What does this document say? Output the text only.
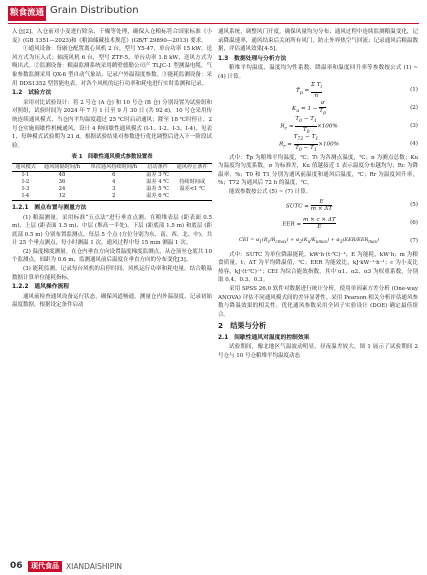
粮食流通 Grain Distribution

入仓[2]。入仓前对小麦进行除杂、干燥等处理，确保入仓粮标符合国家标准《小麦》(GB 1351—2023)和《粮油储藏技术规范》(GB/T 29890—2013) 要求。

①通风设备：每廒仓配置离心风机 2 台，型号 Y5-47，单台功率 15 kW，送风方式为压入式；轴流风机 6 台，型号 ZTF-5，单台功率 1.8 kW，送风方式为吸出式。②监测设备：粮温监测系统采用鹤壁德勤公司产 TLJC-1 型测温电缆，气象参数监测采用 QX-6 型自动气象站，记录户外温湿度参数。③能耗监测设备：采用 DDS1352 型智能电表，对各个风机的运行功率和耗电进行实时监测和记录。

1.2　试验方法

采用对比试验设计：将 2 号仓 (A 仓) 和 10 号仓 (B 仓) 分别设置为试验组和对照组，试验时间为 2024 年 7 月 1 日至 9 月 30 日 (共 92 d)，10 号仓采用传统连续通风模式，当仓内平均温度超过 25 ℃时启动通风；降至 18 ℃时停止。2 号仓实施间歇性机械通风，设计 4 种间歇性通风模式 (I-1、I-2、I-3、I-4)，见表 1，每种模式试验期为 21 d。根据试验结果对参数进行优化调整后进入下一阶段试验。

表 1　间歇性通风模式参数设置表
通风模式	通风间隔时间/h	单次通风持续时间/h	启动条件	通风停止条件

I-1	48	6	温差 3 ℃	
I-2	36	4	温差 4 ℃	持续时间或
I-3	24	3	温差 5 ℃	温差<1 ℃
I-4	12	2	温差 6 ℃	
1.2.1　测点布置与测量方法

(1) 粮温测量。采用标准“五点法”进行垂直点测，在粮堆表层 (距表面 0.5 m)、上层 (距表面 1.5 m)、中层 (堆高一半处)、下层 (距底部 1.5 m) 和底层 (距底部 0.5 m) 分别布置监测点，每层 5 个点 (方位分别为东、南、西、北、中)，共计 25 个垂点测点，每小时测温 1 次，通风过程中每 15 min 测温 1 次。

(2) 温度梯度测量。在仓内垂直方向设置温度梯度监测点，从仓顶至仓底共 10 个监测点，间距为 0.6 m，监测通风前后温度在垂直方向的分布变化[3]。

(3) 能耗监测。记录每台风机的启停时间、风机运行功率和耗电量，结合粮温数据计算单位能耗指标。

1.2.2　通风操作流程

通风前检查通风设备运行状态，确保风道畅通，测量仓内外温湿度，记录初始温度数据。根据设定条件启动

通风系统，调整风门开度，确保风量均匀分布；通风过程中连续监测粮温变化，记录降温速率，通风结束后关闭所有风门，防止外界热空气回流；记录通风后粮温数据，评估通风效果[4-5]。

1.3　数据处理与分析方法

粮堆平均温度、温度均匀性系数、降温率和温度回升率等参数按公式 (1) ~ (4) 计算。

$T̄_p = \frac{\Sigma T_i}{n}$	(1)
$K_u = 1 - \frac{\sigma}{T̄_p}$	(2)
$R_c = \frac{T_0 - T_1}{T_0} \times 100\%$	(3)
$R_r = \frac{T_{72} - T_1}{T_0 - T_1} \times 100\%$	(4)

式中：T̄p 为粮堆平均温度，℃；Ti 为各测点温度，℃；n 为测点总数；Ku 为温度均匀度系数，σ 为标准差，Ku 值越接近 1 表示温度分布越均匀；Rc 为降温率，%；T0 和 T1 分别为通风前温度和通风后温度，℃；Rr 为温度回升率，%；T72 为通风后 72 h 的温度，℃。

能效参数按公式 (5) ~ (7) 计算。

SUTC = $\frac{E}{m \times \Delta T}$	(5)
EER = $\frac{m \times c \times \Delta T}{E}$	(6)
CEI = $\alpha_1(R_c/R_{cmax}) + \alpha_2(K_u/K_{umax}) + \alpha_3(EER/EER_{max})$	(7)

式中：SUTC 为单位降温能耗，kW·h·(t·℃)⁻¹；E 为能耗，kW·h；m 为粮食质量，t；ΔT 为平均降温值，℃；EER 为能效比，kJ·kW⁻¹·h⁻¹；c 为小麦比热容，kJ·(t·℃)⁻¹；CEI 为综合能效指数，其中 α1、α2、α3 为权重系数，分别取 0.4、0.3、0.3。

采用 SPSS 26.0 软件对数据进行统计分析，使用单因素方差分析 (One-way ANOVA) 评估不同通风模式间的差异显著性。采用 Pearson 相关分析评估通风参数与降温效果的相关性。优化通风参数采用全因子实验设计 (DOE) 确定最佳组合。

2　结果与分析
2.1　间歇性通风对温度的控制效果

试验期间，豫北地区气温波动明显，昼夜温差较大，图 1 展示了试验期间 2 号仓与 10 号仓粮堆平均温度动态

06	现代食品 XIANDAISHIPIN
